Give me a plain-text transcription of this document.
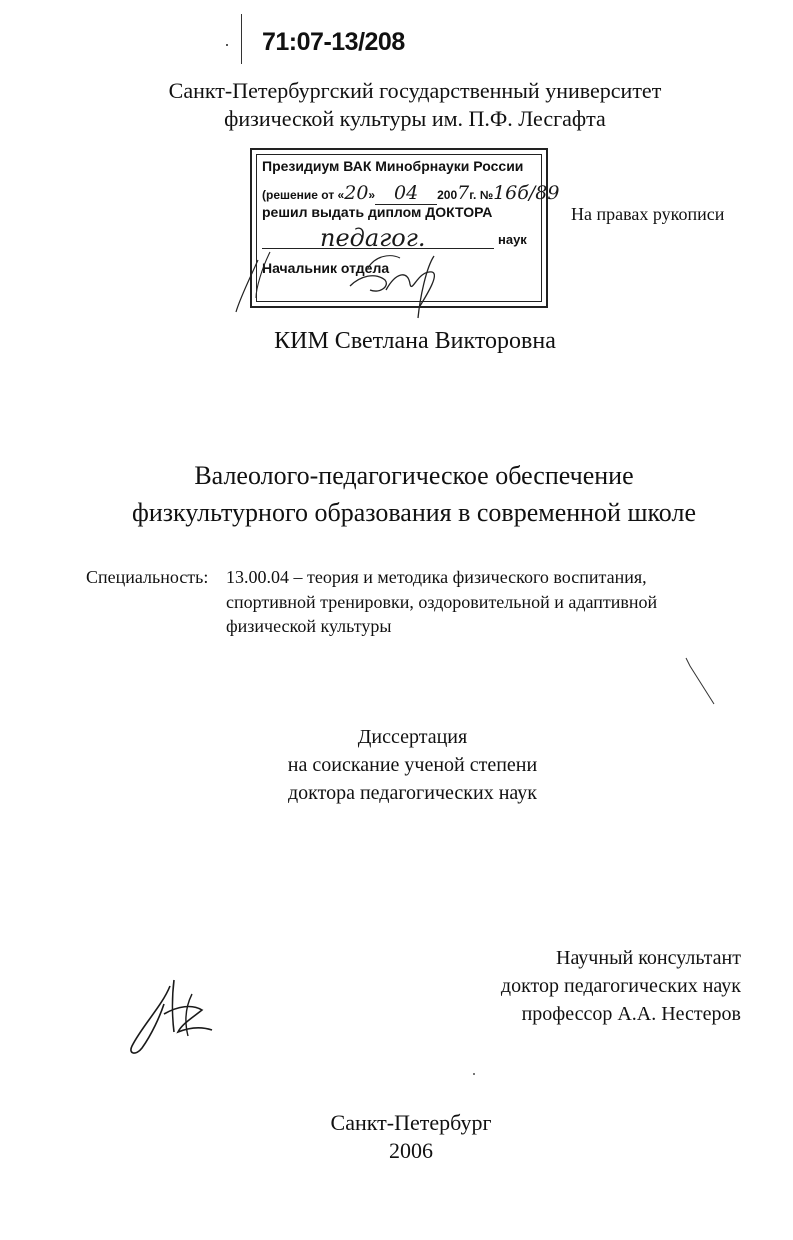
71:07-13/208
Санкт-Петербургский государственный университет
физической культуры им. П.Ф. Лесгафта
Президиум ВАК Минобрнауки России
(решение от «20» 04 2007г. №16б/89
решил выдать диплом ДОКТОРА
педагог.	наук
Начальник отдела
На правах рукописи
КИМ Светлана Викторовна
Валеолого-педагогическое обеспечение
физкультурного образования в современной школе
Специальность: 13.00.04 – теория и методика физического воспитания,
спортивной тренировки, оздоровительной и адаптивной
физической культуры
Диссертация
на соискание ученой степени
доктора педагогических наук
Научный консультант
доктор педагогических наук
профессор А.А. Нестеров
Санкт-Петербург
2006
